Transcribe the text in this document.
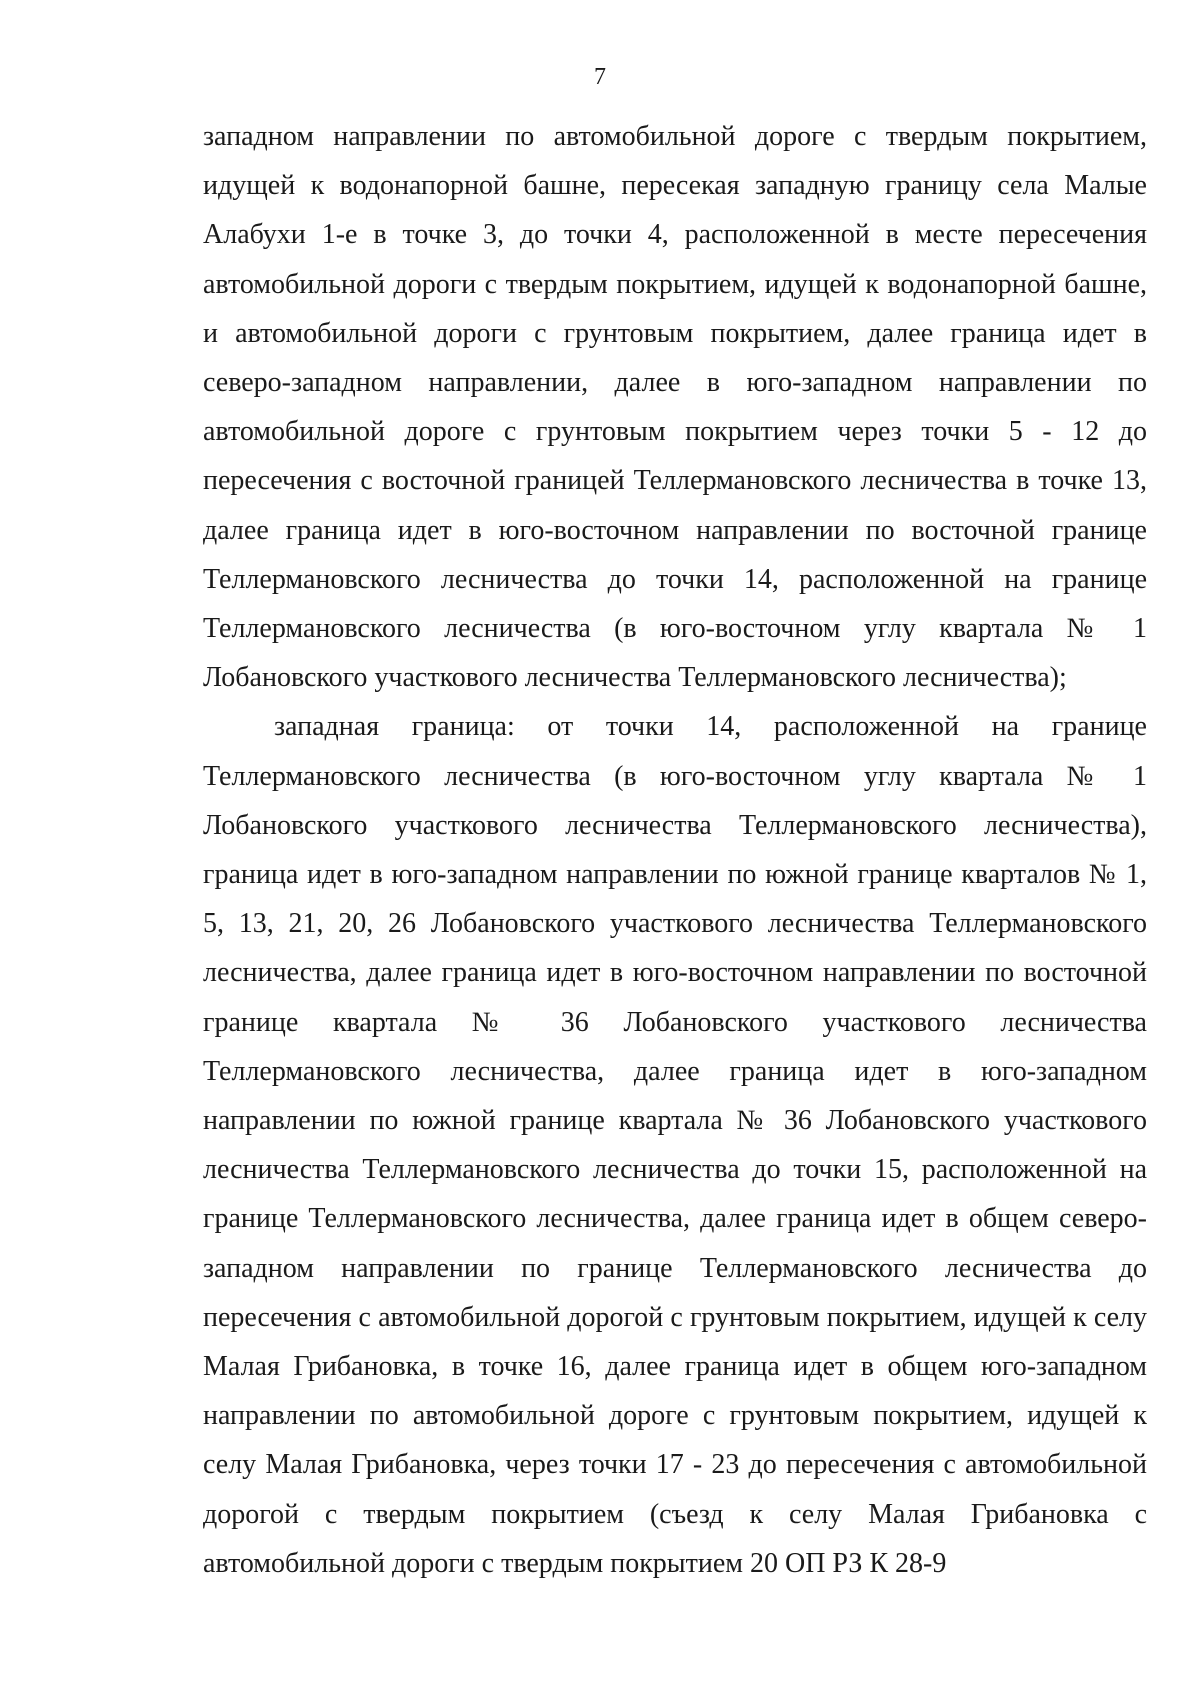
7

западном направлении по автомобильной дороге с твердым покрытием, идущей к водонапорной башне, пересекая западную границу села Малые Алабухи 1-е в точке 3, до точки 4, расположенной в месте пересечения автомобильной дороги с твердым покрытием, идущей к водонапорной башне, и автомобильной дороги с грунтовым покрытием, далее граница идет в северо-западном направлении, далее в юго-западном направлении по автомобильной дороге с грунтовым покрытием через точки 5 - 12 до пересечения с восточной границей Теллермановского лесничества в точке 13, далее граница идет в юго-восточном направлении по восточной границе Теллермановского лесничества до точки 14, расположенной на границе Теллермановского лесничества (в юго-восточном углу квартала № 1 Лобановского участкового лесничества Теллермановского лесничества);

западная граница: от точки 14, расположенной на границе Теллермановского лесничества (в юго-восточном углу квартала № 1 Лобановского участкового лесничества Теллермановского лесничества), граница идет в юго-западном направлении по южной границе кварталов № 1, 5, 13, 21, 20, 26 Лобановского участкового лесничества Теллермановского лесничества, далее граница идет в юго-восточном направлении по восточной границе квартала № 36 Лобановского участкового лесничества Теллермановского лесничества, далее граница идет в юго-западном направлении по южной границе квартала № 36 Лобановского участкового лесничества Теллермановского лесничества до точки 15, расположенной на границе Теллермановского лесничества, далее граница идет в общем северо-западном направлении по границе Теллермановского лесничества до пересечения с автомобильной дорогой с грунтовым покрытием, идущей к селу Малая Грибановка, в точке 16, далее граница идет в общем юго-западном направлении по автомобильной дороге с грунтовым покрытием, идущей к селу Малая Грибановка, через точки 17 - 23 до пересечения с автомобильной дорогой с твердым покрытием (съезд к селу Малая Грибановка с автомобильной дороги с твердым покрытием 20 ОП РЗ К 28-9
